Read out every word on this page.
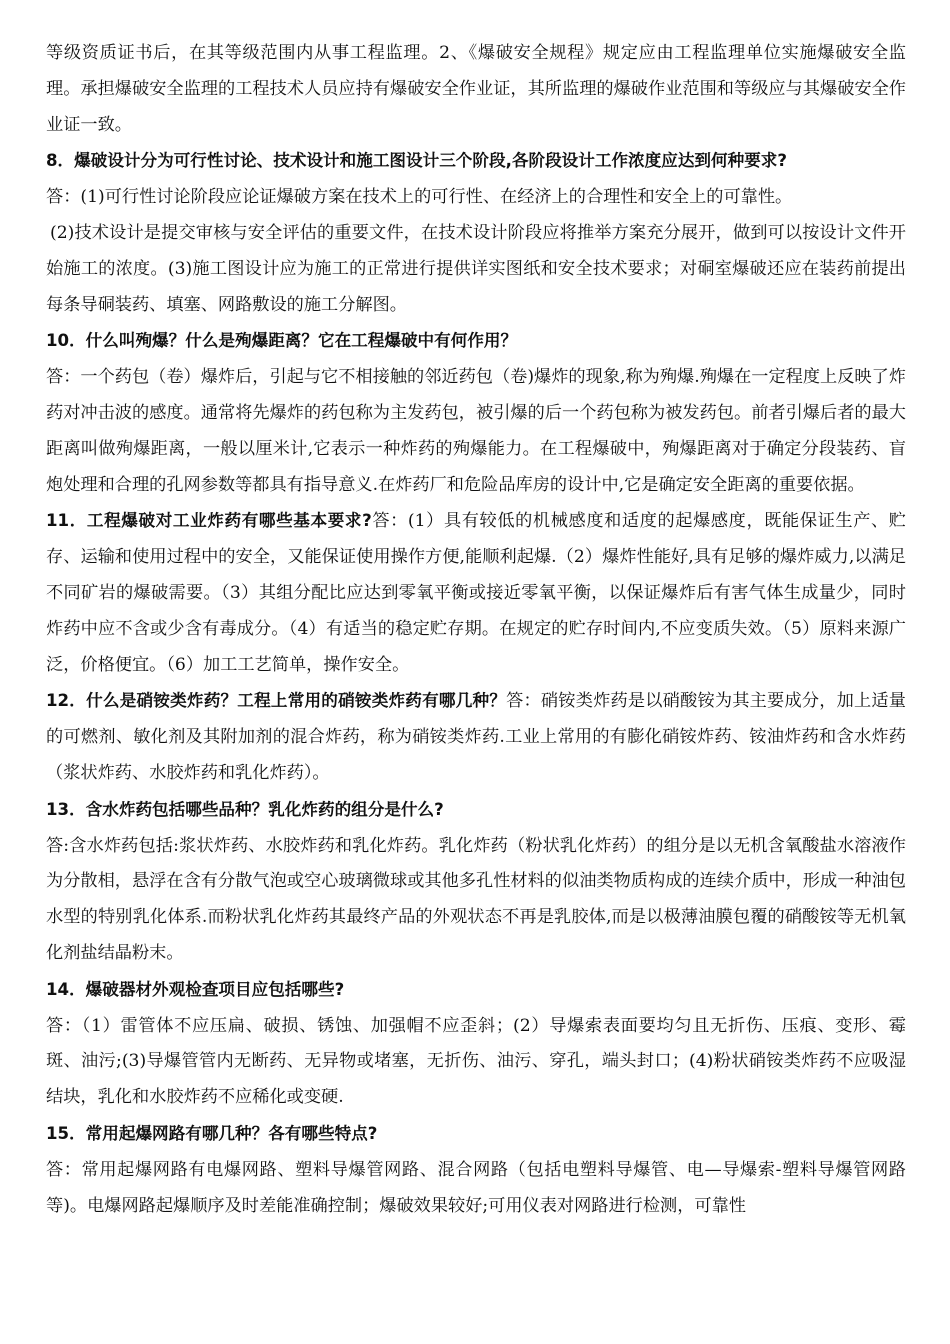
等级资质证书后，在其等级范围内从事工程监理。2、《爆破安全规程》规定应由工程监理单位实施爆破安全监理。承担爆破安全监理的工程技术人员应持有爆破安全作业证，其所监理的爆破作业范围和等级应与其爆破安全作业证一致。

8．爆破设计分为可行性讨论、技术设计和施工图设计三个阶段,各阶段设计工作浓度应达到何种要求?

答：(1)可行性讨论阶段应论证爆破方案在技术上的可行性、在经济上的合理性和安全上的可靠性。

(2)技术设计是提交审核与安全评估的重要文件，在技术设计阶段应将推举方案充分展开，做到可以按设计文件开始施工的浓度。(3)施工图设计应为施工的正常进行提供详实图纸和安全技术要求；对硐室爆破还应在装药前提出每条导硐装药、填塞、网路敷设的施工分解图。

10．什么叫殉爆？什么是殉爆距离？它在工程爆破中有何作用？

答：一个药包（卷）爆炸后，引起与它不相接触的邻近药包（卷)爆炸的现象,称为殉爆.殉爆在一定程度上反映了炸药对冲击波的感度。通常将先爆炸的药包称为主发药包，被引爆的后一个药包称为被发药包。前者引爆后者的最大距离叫做殉爆距离，一般以厘米计,它表示一种炸药的殉爆能力。在工程爆破中，殉爆距离对于确定分段装药、盲炮处理和合理的孔网参数等都具有指导意义.在炸药厂和危险品库房的设计中,它是确定安全距离的重要依据。

11．工程爆破对工业炸药有哪些基本要求?答：(1）具有较低的机械感度和适度的起爆感度，既能保证生产、贮存、运输和使用过程中的安全，又能保证使用操作方便,能顺利起爆.（2）爆炸性能好,具有足够的爆炸威力,以满足不同矿岩的爆破需要。（3）其组分配比应达到零氧平衡或接近零氧平衡，以保证爆炸后有害气体生成量少，同时炸药中应不含或少含有毒成分。（4）有适当的稳定贮存期。在规定的贮存时间内,不应变质失效。（5）原料来源广泛，价格便宜。（6）加工工艺简单，操作安全。

12．什么是硝铵类炸药？工程上常用的硝铵类炸药有哪几种？答：硝铵类炸药是以硝酸铵为其主要成分，加上适量的可燃剂、敏化剂及其附加剂的混合炸药，称为硝铵类炸药.工业上常用的有膨化硝铵炸药、铵油炸药和含水炸药（浆状炸药、水胶炸药和乳化炸药）。

13．含水炸药包括哪些品种？乳化炸药的组分是什么?

答:含水炸药包括:浆状炸药、水胶炸药和乳化炸药。乳化炸药（粉状乳化炸药）的组分是以无机含氧酸盐水溶液作为分散相，悬浮在含有分散气泡或空心玻璃微球或其他多孔性材料的似油类物质构成的连续介质中，形成一种油包水型的特别乳化体系.而粉状乳化炸药其最终产品的外观状态不再是乳胶体,而是以极薄油膜包覆的硝酸铵等无机氧化剂盐结晶粉末。

14．爆破器材外观检查项目应包括哪些?

答：（1）雷管体不应压扁、破损、锈蚀、加强帽不应歪斜；(2）导爆索表面要均匀且无折伤、压痕、变形、霉斑、油污;(3)导爆管管内无断药、无异物或堵塞，无折伤、油污、穿孔，端头封口；(4)粉状硝铵类炸药不应吸湿结块，乳化和水胶炸药不应稀化或变硬.

15．常用起爆网路有哪几种？各有哪些特点?

答：常用起爆网路有电爆网路、塑料导爆管网路、混合网路（包括电塑料导爆管、电—导爆索-塑料导爆管网路等)。电爆网路起爆顺序及时差能准确控制；爆破效果较好;可用仪表对网路进行检测，可靠性
